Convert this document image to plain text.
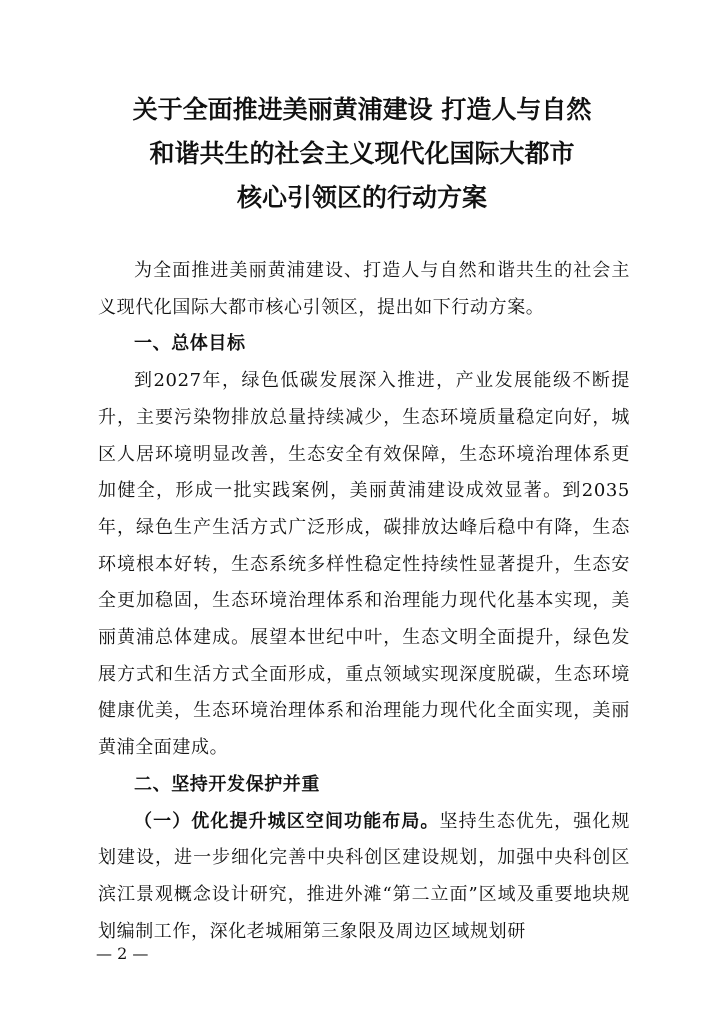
关于全面推进美丽黄浦建设 打造人与自然
和谐共生的社会主义现代化国际大都市
核心引领区的行动方案

为全面推进美丽黄浦建设、打造人与自然和谐共生的社会主义现代化国际大都市核心引领区，提出如下行动方案。

一、总体目标

到2027年，绿色低碳发展深入推进，产业发展能级不断提升，主要污染物排放总量持续减少，生态环境质量稳定向好，城区人居环境明显改善，生态安全有效保障，生态环境治理体系更加健全，形成一批实践案例，美丽黄浦建设成效显著。到2035年，绿色生产生活方式广泛形成，碳排放达峰后稳中有降，生态环境根本好转，生态系统多样性稳定性持续性显著提升，生态安全更加稳固，生态环境治理体系和治理能力现代化基本实现，美丽黄浦总体建成。展望本世纪中叶，生态文明全面提升，绿色发展方式和生活方式全面形成，重点领域实现深度脱碳，生态环境健康优美，生态环境治理体系和治理能力现代化全面实现，美丽黄浦全面建成。

二、坚持开发保护并重

（一）优化提升城区空间功能布局。坚持生态优先，强化规划建设，进一步细化完善中央科创区建设规划，加强中央科创区滨江景观概念设计研究，推进外滩“第二立面”区域及重要地块规划编制工作，深化老城厢第三象限及周边区域规划研

— 2 —
